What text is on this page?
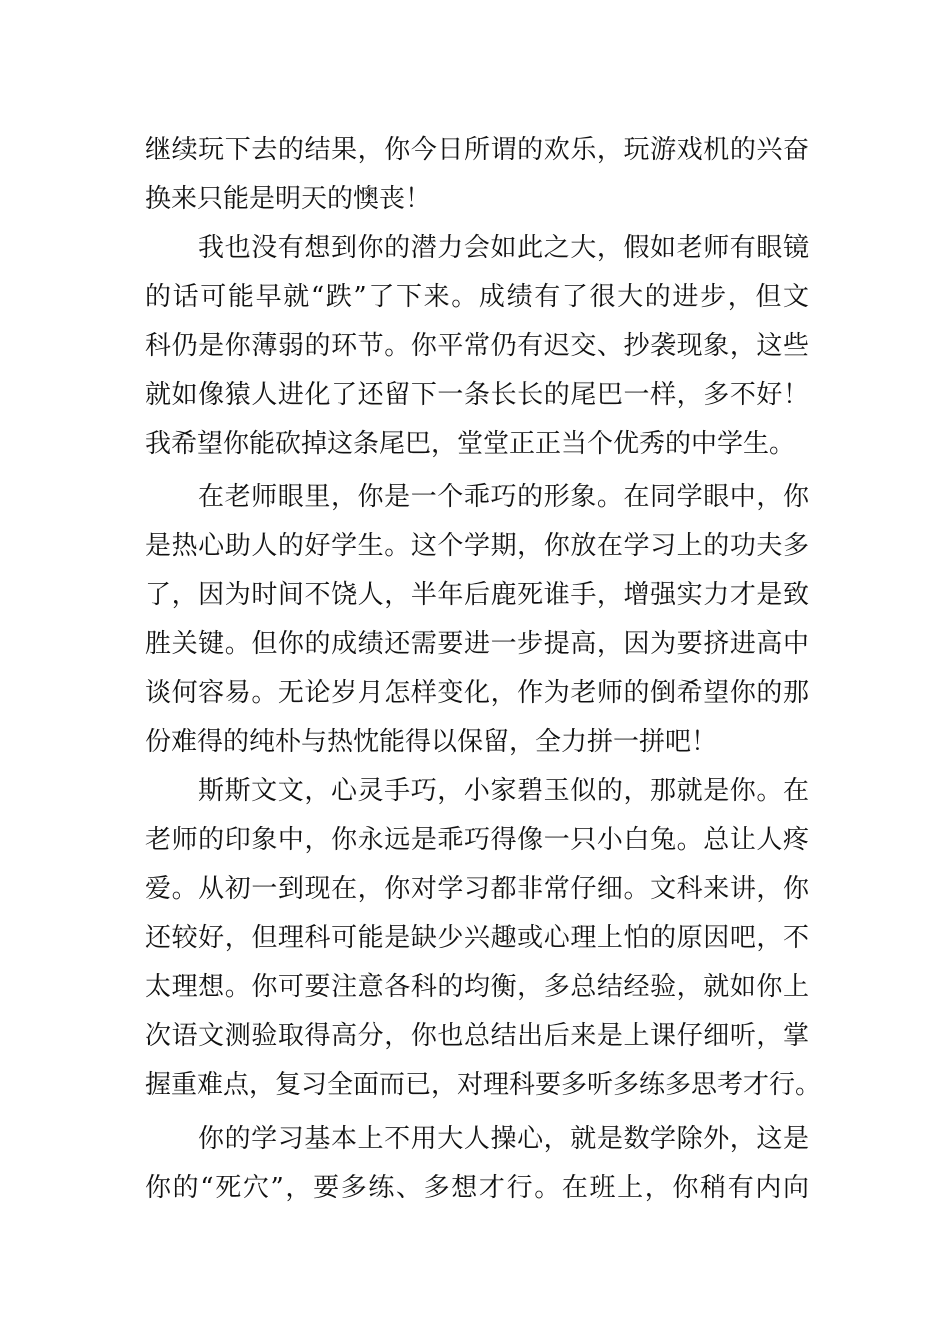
继续玩下去的结果，你今日所谓的欢乐，玩游戏机的兴奋
换来只能是明天的懊丧！
我也没有想到你的潜力会如此之大，假如老师有眼镜
的话可能早就“跌”了下来。成绩有了很大的进步，但文
科仍是你薄弱的环节。你平常仍有迟交、抄袭现象，这些
就如像猿人进化了还留下一条长长的尾巴一样，多不好！
我希望你能砍掉这条尾巴，堂堂正正当个优秀的中学生。
在老师眼里，你是一个乖巧的形象。在同学眼中，你
是热心助人的好学生。这个学期，你放在学习上的功夫多
了，因为时间不饶人，半年后鹿死谁手，增强实力才是致
胜关键。但你的成绩还需要进一步提高，因为要挤进高中
谈何容易。无论岁月怎样变化，作为老师的倒希望你的那
份难得的纯朴与热忱能得以保留，全力拼一拼吧！
斯斯文文，心灵手巧，小家碧玉似的，那就是你。在
老师的印象中，你永远是乖巧得像一只小白兔。总让人疼
爱。从初一到现在，你对学习都非常仔细。文科来讲，你
还较好，但理科可能是缺少兴趣或心理上怕的原因吧，不
太理想。你可要注意各科的均衡，多总结经验，就如你上
次语文测验取得高分，你也总结出后来是上课仔细听，掌
握重难点，复习全面而已，对理科要多听多练多思考才行。
你的学习基本上不用大人操心，就是数学除外，这是
你的“死穴”，要多练、多想才行。在班上，你稍有内向
